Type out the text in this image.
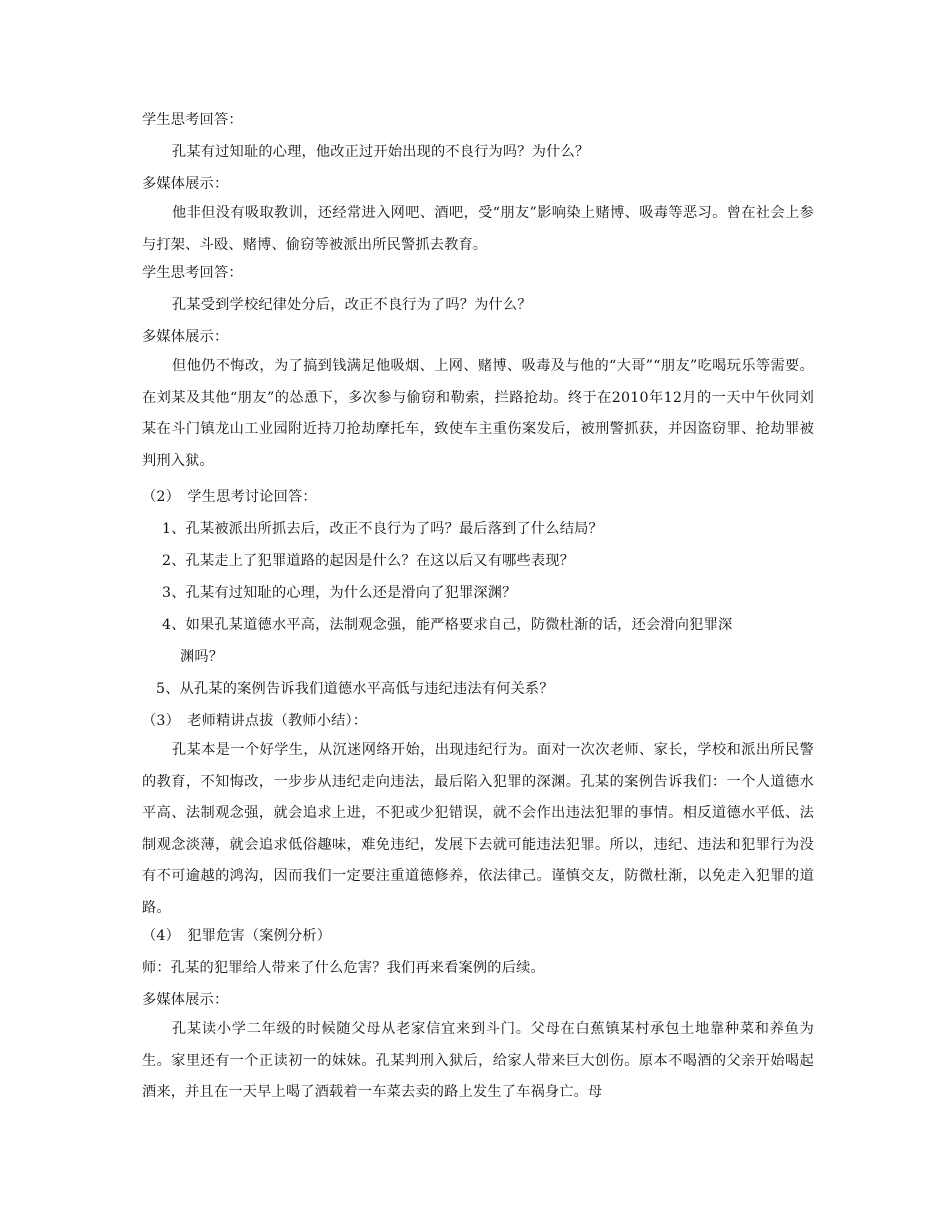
学生思考回答：
孔某有过知耻的心理，他改正过开始出现的不良行为吗？为什么？
多媒体展示：

他非但没有吸取教训，还经常进入网吧、酒吧，受“朋友”影响染上赌博、吸毒等恶习。曾在社会上参与打架、斗殴、赌博、偷窃等被派出所民警抓去教育。

学生思考回答：
孔某受到学校纪律处分后，改正不良行为了吗？为什么？
多媒体展示：

但他仍不悔改，为了搞到钱满足他吸烟、上网、赌博、吸毒及与他的“大哥”“朋友”吃喝玩乐等需要。在刘某及其他“朋友”的怂恿下，多次参与偷窃和勒索，拦路抢劫。终于在2010年12月的一天中午伙同刘某在斗门镇龙山工业园附近持刀抢劫摩托车，致使车主重伤案发后，被刑警抓获，并因盗窃罪、抢劫罪被判刑入狱。

（2）　学生思考讨论回答：
1、孔某被派出所抓去后，改正不良行为了吗？最后落到了什么结局？
2、孔某走上了犯罪道路的起因是什么？在这以后又有哪些表现？
3、孔某有过知耻的心理，为什么还是滑向了犯罪深渊？
4、如果孔某道德水平高，法制观念强，能严格要求自己，防微杜渐的话，还会滑向犯罪深
渊吗？
5、从孔某的案例告诉我们道德水平高低与违纪违法有何关系？
（3）　老师精讲点拔（教师小结）：

孔某本是一个好学生，从沉迷网络开始，出现违纪行为。面对一次次老师、家长，学校和派出所民警的教育，不知悔改，一步步从违纪走向违法，最后陷入犯罪的深渊。孔某的案例告诉我们：一个人道德水平高、法制观念强，就会追求上进，不犯或少犯错误，就不会作出违法犯罪的事情。相反道德水平低、法制观念淡薄，就会追求低俗趣味，难免违纪，发展下去就可能违法犯罪。所以，违纪、违法和犯罪行为没有不可逾越的鸿沟，因而我们一定要注重道德修养，依法律己。谨慎交友，防微杜渐，以免走入犯罪的道路。

（4）　犯罪危害（案例分析）
师：孔某的犯罪给人带来了什么危害？我们再来看案例的后续。
多媒体展示：

孔某读小学二年级的时候随父母从老家信宜来到斗门。父母在白蕉镇某村承包土地靠种菜和养鱼为生。家里还有一个正读初一的妹妹。孔某判刑入狱后，给家人带来巨大创伤。原本不喝酒的父亲开始喝起酒来，并且在一天早上喝了酒载着一车菜去卖的路上发生了车祸身亡。母
